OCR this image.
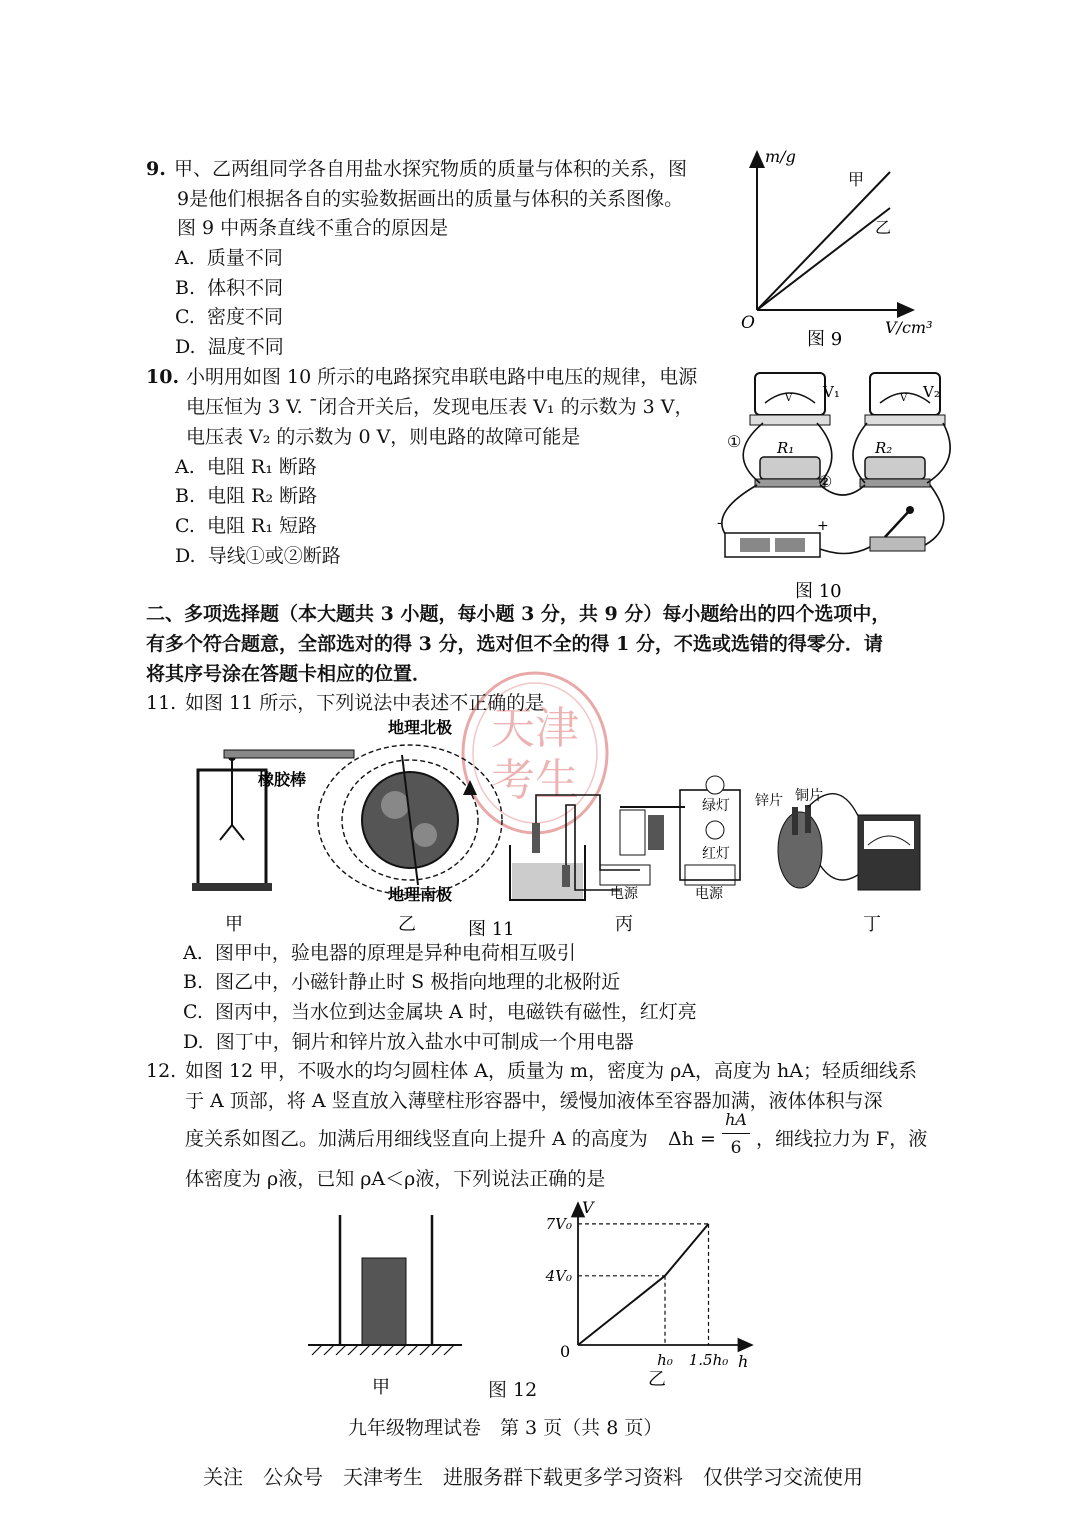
天津
考生
9. 甲、乙两组同学各自用盐水探究物质的质量与体积的关系，图
9是他们根据各自的实验数据画出的质量与体积的关系图像。
图 9 中两条直线不重合的原因是
A. 质量不同
B. 体积不同
C. 密度不同
D. 温度不同
m/g
V/cm³
O
甲
乙
图 9
10. 小明用如图 10 所示的电路探究串联电路中电压的规律，电源
电压恒为 3 V. ˉ闭合开关后，发现电压表 V₁ 的示数为 3 V，
电压表 V₂ 的示数为 0 V，则电路的故障可能是
A. 电阻 R₁ 断路
B. 电阻 R₂ 断路
C. 电阻 R₁ 短路
D. 导线①或②断路
V V₁	V V₂
R₁	R₂
①
②
-	+
图 10
二、多项选择题（本大题共 3 小题，每小题 3 分，共 9 分）每小题给出的四个选项中，
有多个符合题意，全部选对的得 3 分，选对但不全的得 1 分，不选或选错的得零分．请
将其序号涂在答题卡相应的位置．
11. 如图 11 所示，下列说法中表述不正确的是
橡胶棒
甲
地理北极
地理南极
乙	图 11
绿灯
红灯
电源	电源
丙
锌片 铜片
丁
A. 图甲中，验电器的原理是异种电荷相互吸引
B. 图乙中，小磁针静止时 S 极指向地理的北极附近
C. 图丙中，当水位到达金属块 A 时，电磁铁有磁性，红灯亮
D. 图丁中，铜片和锌片放入盐水中可制成一个用电器
12. 如图 12 甲，不吸水的均匀圆柱体 A，质量为 m，密度为 ρA，高度为 hA；轻质细线系
于 A 顶部，将 A 竖直放入薄壁柱形容器中，缓慢加液体至容器加满，液体体积与深
度关系如图乙。加满后用细线竖直向上提升 A 的高度为 Δh =
hA
6 ，细线拉力为 F，液
体密度为 ρ液，已知 ρA＜ρ液，下列说法正确的是
甲	图 12
V
h
0
4V₀
h₀
7V₀
1.5h₀
乙
九年级物理试卷　第 3 页（共 8 页）
关注　公众号　天津考生　进服务群下载更多学习资料　仅供学习交流使用
